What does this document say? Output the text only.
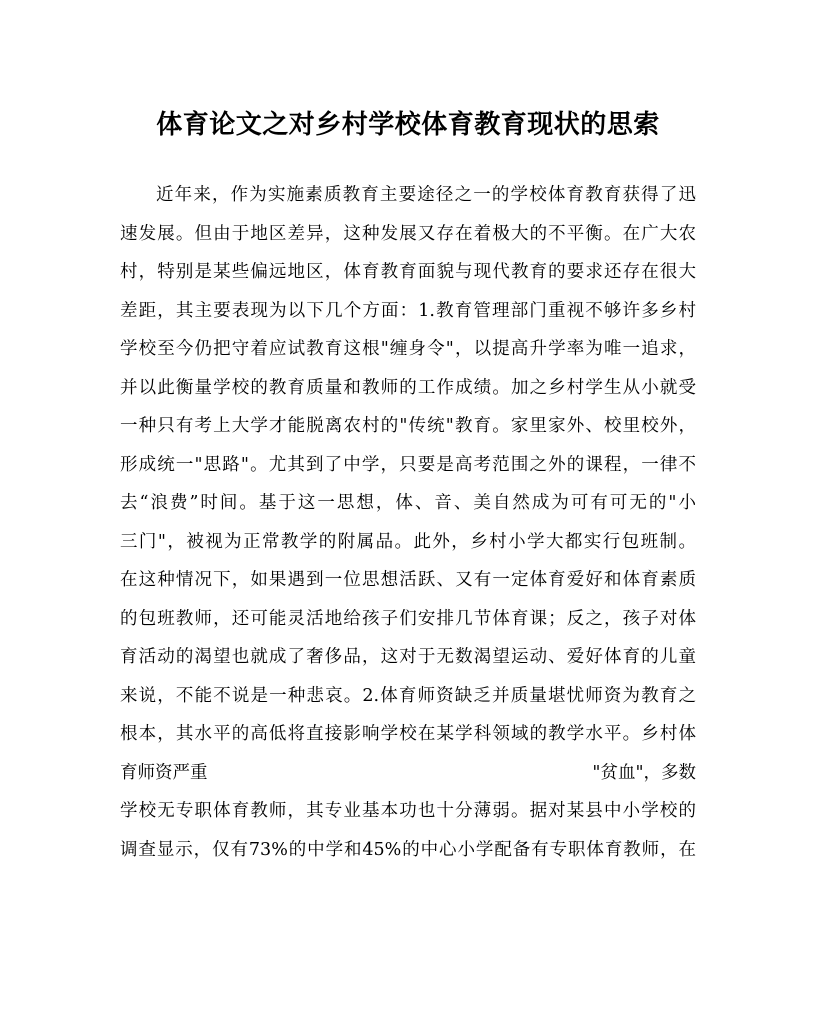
体育论文之对乡村学校体育教育现状的思索
近年来，作为实施素质教育主要途径之一的学校体育教育获得了迅
速发展。但由于地区差异，这种发展又存在着极大的不平衡。在广大农
村，特别是某些偏远地区，体育教育面貌与现代教育的要求还存在很大
差距，其主要表现为以下几个方面：1.教育管理部门重视不够许多乡村
学校至今仍把守着应试教育这根"缠身令"，以提高升学率为唯一追求，
并以此衡量学校的教育质量和教师的工作成绩。加之乡村学生从小就受
一种只有考上大学才能脱离农村的"传统"教育。家里家外、校里校外，
形成统一"思路"。尤其到了中学，只要是高考范围之外的课程，一律不
去“浪费”时间。基于这一思想，体、音、美自然成为可有可无的"小
三门"，被视为正常教学的附属品。此外，乡村小学大都实行包班制。
在这种情况下，如果遇到一位思想活跃、又有一定体育爱好和体育素质
的包班教师，还可能灵活地给孩子们安排几节体育课；反之，孩子对体
育活动的渴望也就成了奢侈品，这对于无数渴望运动、爱好体育的儿童
来说，不能不说是一种悲哀。2.体育师资缺乏并质量堪忧师资为教育之
根本，其水平的高低将直接影响学校在某学科领域的教学水平。乡村体
育师资严重	"贫血"，多数
学校无专职体育教师，其专业基本功也十分薄弱。据对某县中小学校的
调查显示，仅有73%的中学和45%的中心小学配备有专职体育教师，在
